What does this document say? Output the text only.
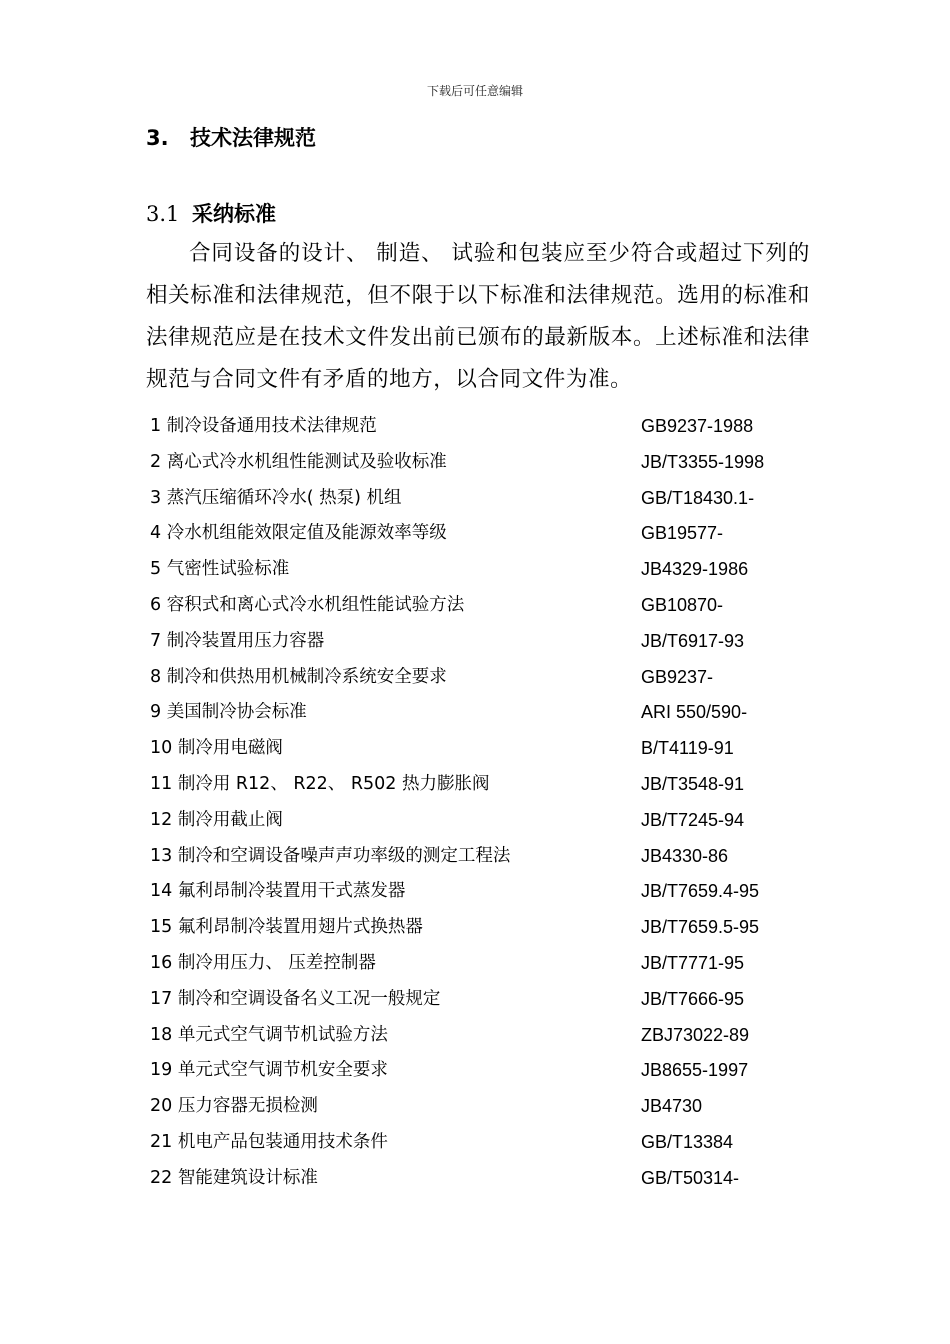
下载后可任意编辑
3. 技术法律规范
3.1 采纳标准
合同设备的设计、 制造、 试验和包装应至少符合或超过下列的相关标准和法律规范，但不限于以下标准和法律规范。选用的标准和法律规范应是在技术文件发出前已颁布的最新版本。上述标准和法律规范与合同文件有矛盾的地方，以合同文件为准。
1 制冷设备通用技术法律规范	GB9237-1988
2 离心式冷水机组性能测试及验收标准	JB/T3355-1998
3 蒸汽压缩循环冷水( 热泵) 机组	GB/T18430.1-
4 冷水机组能效限定值及能源效率等级	GB19577-
5 气密性试验标准	JB4329-1986
6 容积式和离心式冷水机组性能试验方法	GB10870-
7 制冷装置用压力容器	JB/T6917-93
8 制冷和供热用机械制冷系统安全要求	GB9237-
9 美国制冷协会标准	ARI 550/590-
10 制冷用电磁阀	B/T4119-91
11 制冷用 R12、 R22、 R502 热力膨胀阀	JB/T3548-91
12 制冷用截止阀	JB/T7245-94
13 制冷和空调设备噪声声功率级的测定工程法	JB4330-86
14 氟利昂制冷装置用干式蒸发器	JB/T7659.4-95
15 氟利昂制冷装置用翅片式换热器	JB/T7659.5-95
16 制冷用压力、 压差控制器	JB/T7771-95
17 制冷和空调设备名义工况一般规定	JB/T7666-95
18 单元式空气调节机试验方法	ZBJ73022-89
19 单元式空气调节机安全要求	JB8655-1997
20 压力容器无损检测	JB4730
21 机电产品包装通用技术条件	GB/T13384
22 智能建筑设计标准	GB/T50314-
